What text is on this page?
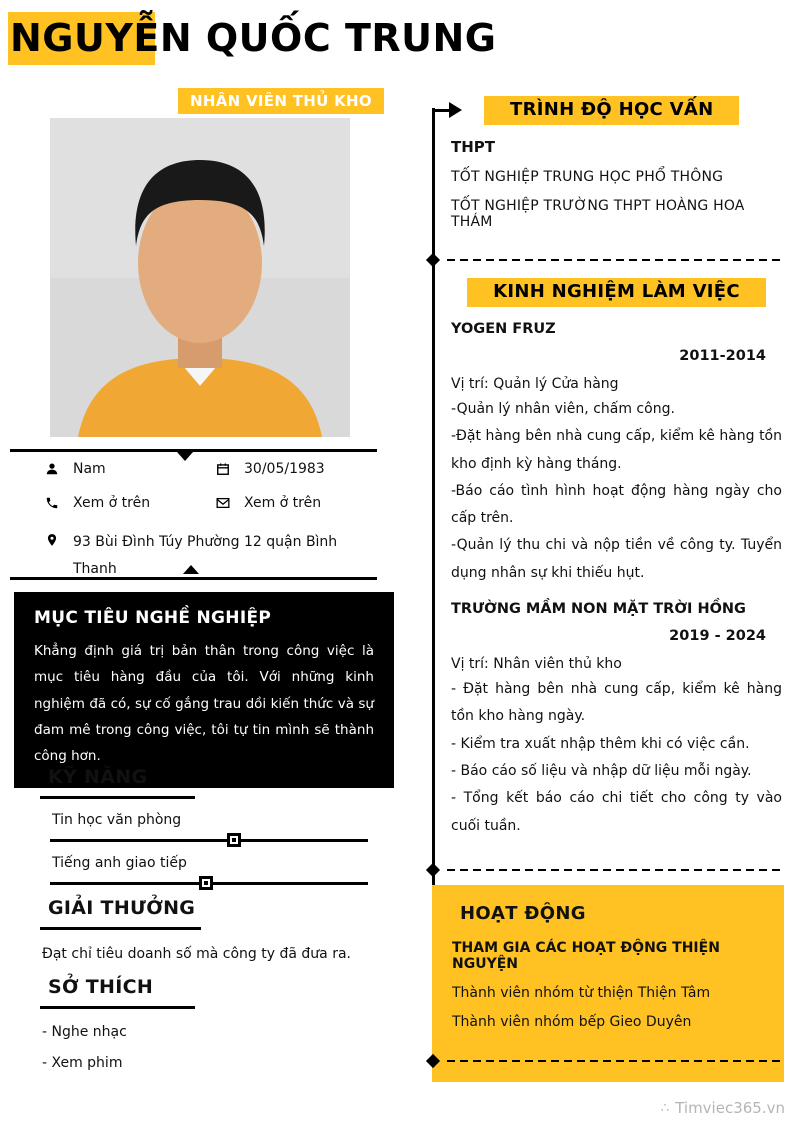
NGUYỄN QUỐC TRUNG
NHÂN VIÊN THỦ KHO
Nam	30/05/1983
Xem ở trên	Xem ở trên
93 Bùi Đình Túy Phường 12 quận Bình Thanh
MỤC TIÊU NGHỀ NGHIỆP

Khẳng định giá trị bản thân trong công việc là mục tiêu hàng đầu của tôi. Với những kinh nghiệm đã có, sự cố gắng trau dồi kiến thức và sự đam mê trong công việc, tôi tự tin mình sẽ thành công hơn.

KỸ NĂNG
Tin học văn phòng
Tiếng anh giao tiếp
GIẢI THƯỞNG

Đạt chỉ tiêu doanh số mà công ty đã đưa ra.

SỞ THÍCH
- Nghe nhạc
- Xem phim
TRÌNH ĐỘ HỌC VẤN
THPT
TỐT NGHIỆP TRUNG HỌC PHỔ THÔNG
TỐT NGHIỆP TRƯỜNG THPT HOÀNG HOA THÁM
KINH NGHIỆM LÀM VIỆC
YOGEN FRUZ
2011-2014
Vị trí: Quản lý Cửa hàng

-Quản lý nhân viên, chấm công.

-Đặt hàng bên nhà cung cấp, kiểm kê hàng tồn kho định kỳ hàng tháng.

-Báo cáo tình hình hoạt động hàng ngày cho cấp trên.

-Quản lý thu chi và nộp tiền về công ty. Tuyển dụng nhân sự khi thiếu hụt.

TRƯỜNG MẦM NON MẶT TRỜI HỒNG
2019 - 2024
Vị trí: Nhân viên thủ kho

- Đặt hàng bên nhà cung cấp, kiểm kê hàng tồn kho hàng ngày.

- Kiểm tra xuất nhập thêm khi có việc cần.

- Báo cáo số liệu và nhập dữ liệu mỗi ngày.

- Tổng kết báo cáo chi tiết cho công ty vào cuối tuần.

HOẠT ĐỘNG
THAM GIA CÁC HOẠT ĐỘNG THIỆN NGUYỆN
Thành viên nhóm từ thiện Thiện Tâm
Thành viên nhóm bếp Gieo Duyên
∴ Timviec365.vn
